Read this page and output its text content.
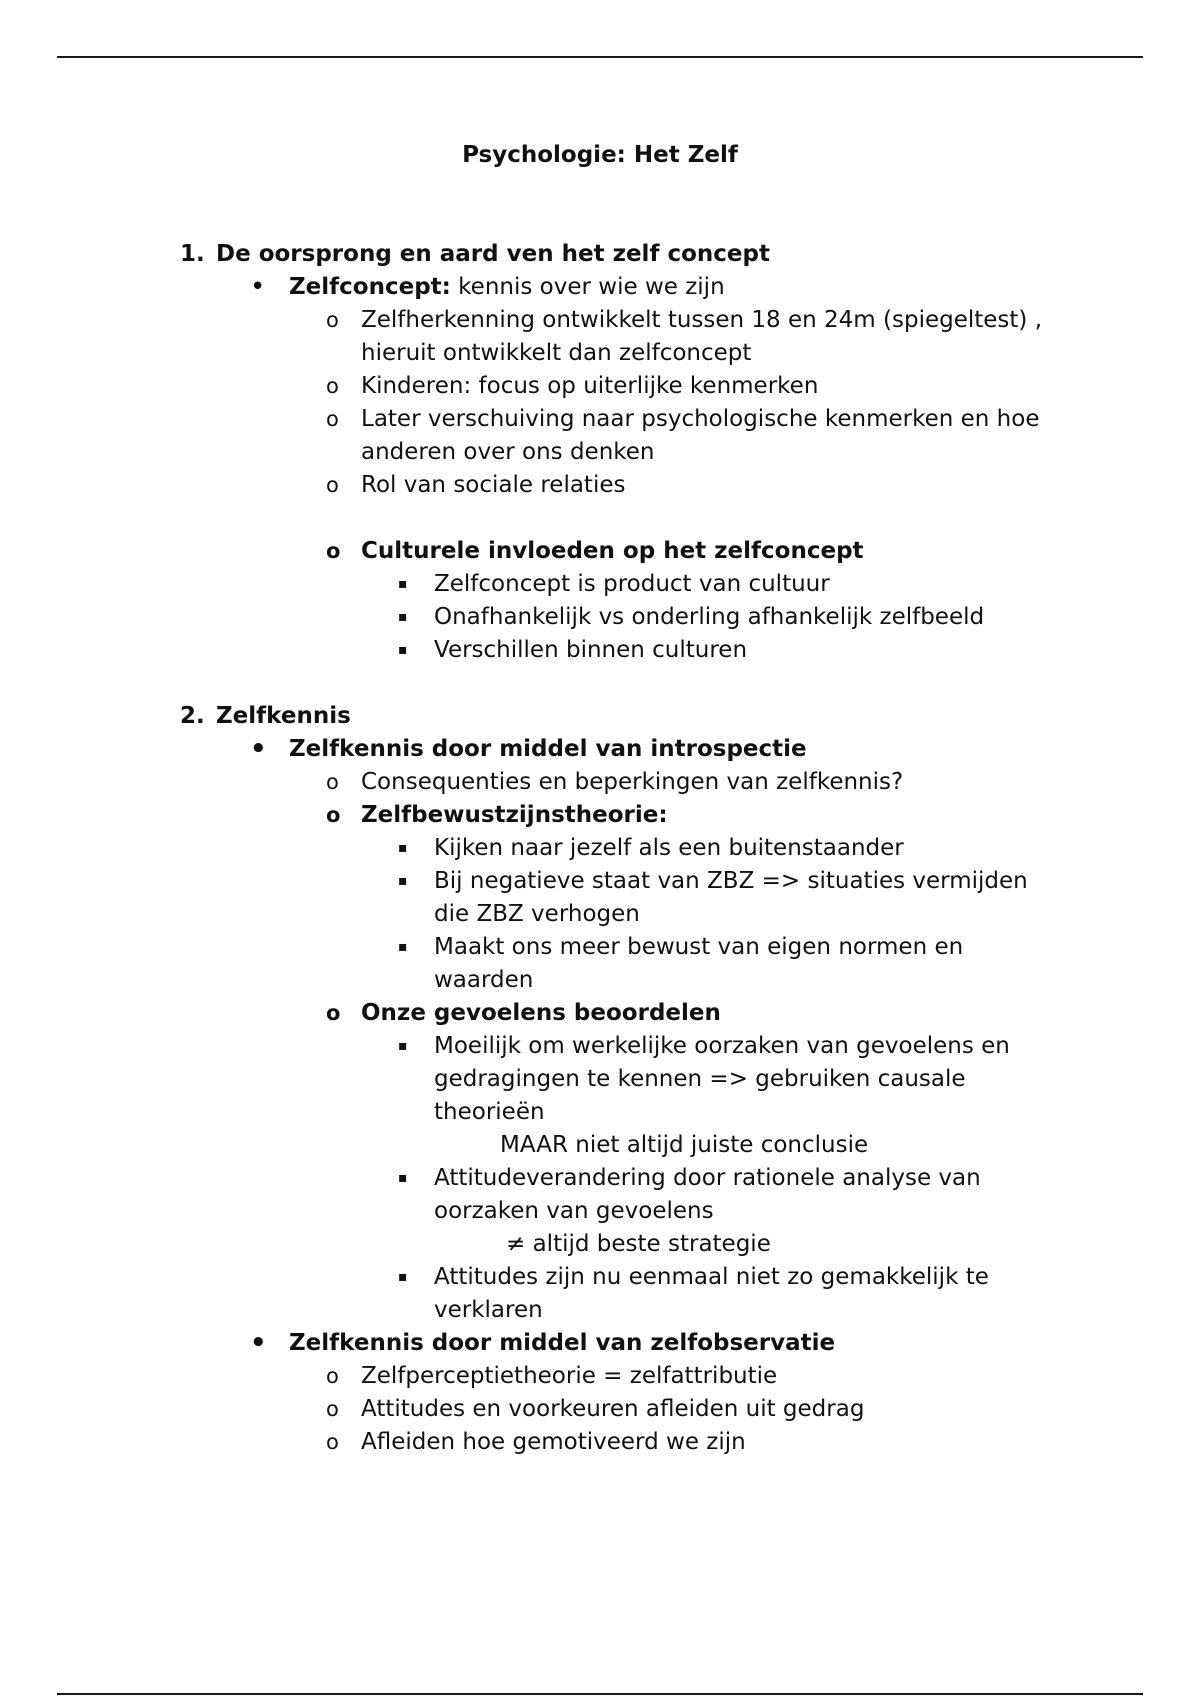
Psychologie: Het Zelf
1. De oorsprong en aard ven het zelf concept
• Zelfconcept: kennis over wie we zijn
o Zelfherkenning ontwikkelt tussen 18 en 24m (spiegeltest) , hieruit ontwikkelt dan zelfconcept
o Kinderen: focus op uiterlijke kenmerken
o Later verschuiving naar psychologische kenmerken en hoe anderen over ons denken
o Rol van sociale relaties
o Culturele invloeden op het zelfconcept
▪ Zelfconcept is product van cultuur
▪ Onafhankelijk vs onderling afhankelijk zelfbeeld
▪ Verschillen binnen culturen
2. Zelfkennis
• Zelfkennis door middel van introspectie
o Consequenties en beperkingen van zelfkennis?
o Zelfbewustzijnstheorie:
▪ Kijken naar jezelf als een buitenstaander
▪ Bij negatieve staat van ZBZ => situaties vermijden die ZBZ verhogen
▪ Maakt ons meer bewust van eigen normen en waarden
o Onze gevoelens beoordelen
▪ Moeilijk om werkelijke oorzaken van gevoelens en gedragingen te kennen => gebruiken causale theorieën
MAAR niet altijd juiste conclusie
▪ Attitudeverandering door rationele analyse van oorzaken van gevoelens
≠ altijd beste strategie
▪ Attitudes zijn nu eenmaal niet zo gemakkelijk te verklaren
• Zelfkennis door middel van zelfobservatie
o Zelfperceptietheorie = zelfattributie
o Attitudes en voorkeuren afleiden uit gedrag
o Afleiden hoe gemotiveerd we zijn
